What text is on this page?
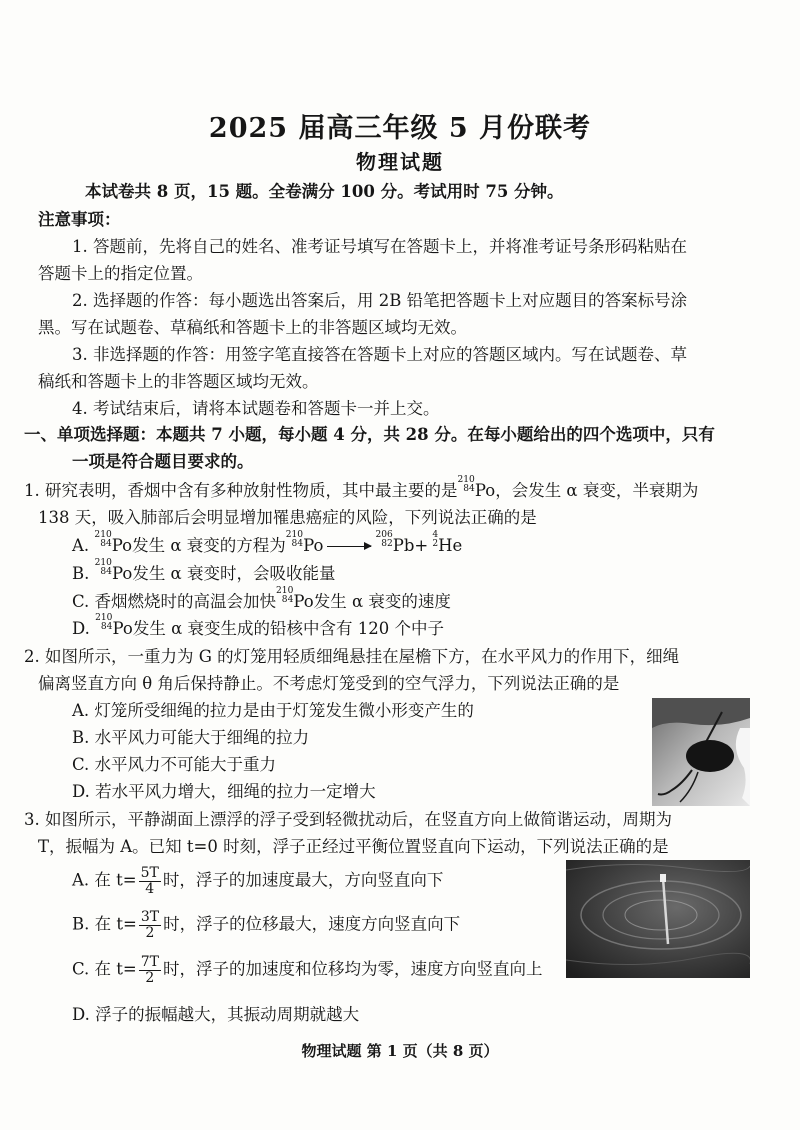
2025 届高三年级 5 月份联考
物理试题
本试卷共 8 页，15 题。全卷满分 100 分。考试用时 75 分钟。
注意事项：
1. 答题前，先将自己的姓名、准考证号填写在答题卡上，并将准考证号条形码粘贴在
答题卡上的指定位置。
2. 选择题的作答：每小题选出答案后，用 2B 铅笔把答题卡上对应题目的答案标号涂
黑。写在试题卷、草稿纸和答题卡上的非答题区域均无效。
3. 非选择题的作答：用签字笔直接答在答题卡上对应的答题区域内。写在试题卷、草
稿纸和答题卡上的非答题区域均无效。
4. 考试结束后，请将本试题卷和答题卡一并上交。
一、单项选择题：本题共 7 小题，每小题 4 分，共 28 分。在每小题给出的四个选项中，只有
一项是符合题目要求的。
1. 研究表明，香烟中含有多种放射性物质，其中最主要的是
210
84 Po，会发生 α 衰变，半衰期为
138 天，吸入肺部后会明显增加罹患癌症的风险，下列说法正确的是
A.
210
84 Po发生 α 衰变的方程为
210
84 Po →
206
82 Pb+
4
2 He
B.
210
84 Po发生 α 衰变时，会吸收能量
C. 香烟燃烧时的高温会加快
210
84 Po发生 α 衰变的速度
D.
210
84 Po发生 α 衰变生成的铅核中含有 120 个中子
2. 如图所示，一重力为 G 的灯笼用轻质细绳悬挂在屋檐下方，在水平风力的作用下，细绳
偏离竖直方向 θ 角后保持静止。不考虑灯笼受到的空气浮力，下列说法正确的是
A. 灯笼所受细绳的拉力是由于灯笼发生微小形变产生的
B. 水平风力可能大于细绳的拉力
C. 水平风力不可能大于重力
D. 若水平风力增大，细绳的拉力一定增大
3. 如图所示，平静湖面上漂浮的浮子受到轻微扰动后，在竖直方向上做简谐运动，周期为
T，振幅为 A。已知 t=0 时刻，浮子正经过平衡位置竖直向下运动，下列说法正确的是
A. 在 $t= \frac{5T}{4}$ 时，浮子的加速度最大，方向竖直向下
B. 在 $t= \frac{3T}{2}$ 时，浮子的位移最大，速度方向竖直向下
C. 在 $t= \frac{7T}{2}$ 时，浮子的加速度和位移均为零，速度方向竖直向上
D. 浮子的振幅越大，其振动周期就越大
物理试题 第 1 页（共 8 页）
